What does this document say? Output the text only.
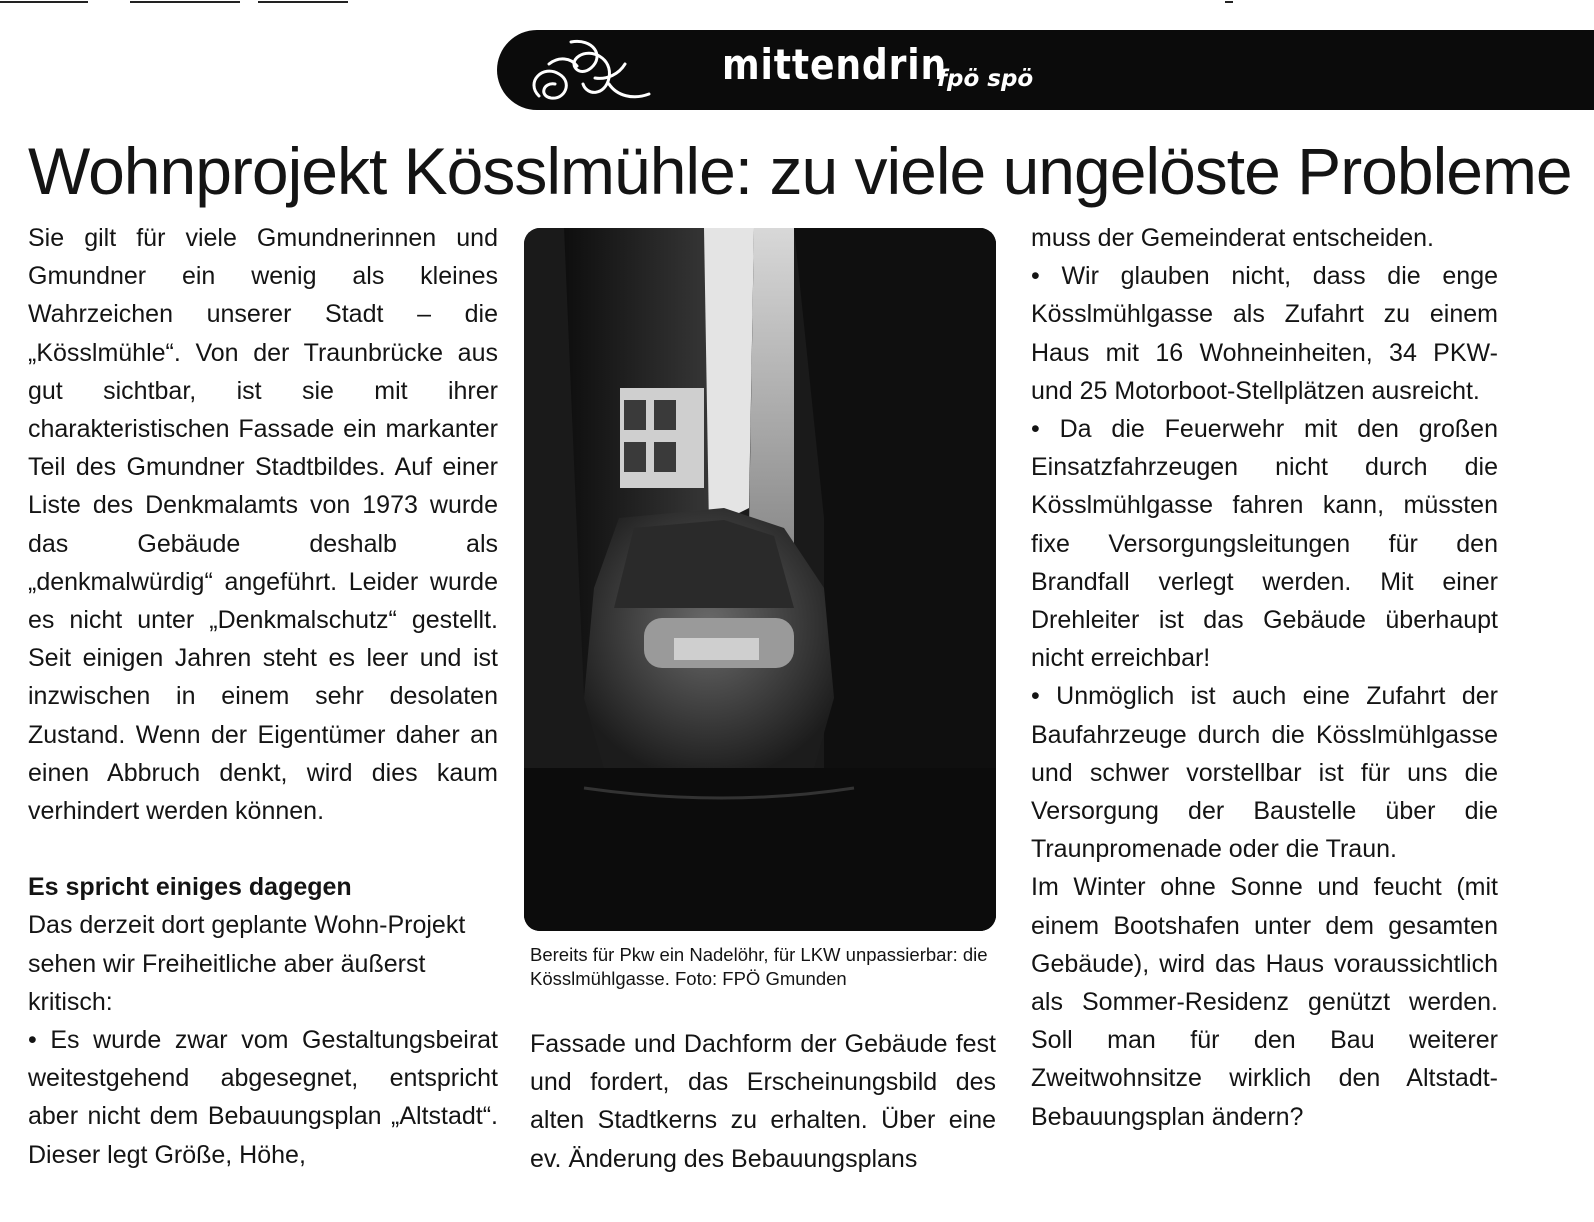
mittendrin
fpö spö
Wohnprojekt Kösslmühle: zu viele ungelöste Probleme

Sie gilt für viele Gmundnerinnen und Gmundner ein wenig als kleines Wahrzeichen unserer Stadt – die „Kösslmühle“. Von der Traunbrücke aus gut sichtbar, ist sie mit ihrer charakteristischen Fassade ein markanter Teil des Gmundner Stadtbildes. Auf einer Liste des Denkmalamts von 1973 wurde das Gebäude deshalb als „denkmalwürdig“ angeführt. Leider wurde es nicht unter „Denkmalschutz“ gestellt. Seit einigen Jahren steht es leer und ist inzwischen in einem sehr desolaten Zustand. Wenn der Eigentümer daher an einen Abbruch denkt, wird dies kaum verhindert werden können.

Es spricht einiges dagegen

Das derzeit dort geplante Wohn-Projekt sehen wir Freiheitliche aber äußerst kritisch:

• Es wurde zwar vom Gestaltungsbeirat weitestgehend abgesegnet, entspricht aber nicht dem Bebauungsplan „Altstadt“. Dieser legt Größe, Höhe,

Bereits für Pkw ein Nadelöhr, für LKW unpassierbar: die Kösslmühlgasse. Foto: FPÖ Gmunden

Fassade und Dachform der Gebäude fest und fordert, das Erscheinungsbild des alten Stadtkerns zu erhalten. Über eine ev. Änderung des Bebauungsplans

muss der Gemeinderat entscheiden.

• Wir glauben nicht, dass die enge Kösslmühlgasse als Zufahrt zu einem Haus mit 16 Wohneinheiten, 34 PKW- und 25 Motorboot-Stellplätzen ausreicht.

• Da die Feuerwehr mit den großen Einsatzfahrzeugen nicht durch die Kösslmühlgasse fahren kann, müssten fixe Versorgungsleitungen für den Brandfall verlegt werden. Mit einer Drehleiter ist das Gebäude überhaupt nicht erreichbar!

• Unmöglich ist auch eine Zufahrt der Baufahrzeuge durch die Kösslmühlgasse und schwer vorstellbar ist für uns die Versorgung der Baustelle über die Traunpromenade oder die Traun.

Im Winter ohne Sonne und feucht (mit einem Bootshafen unter dem gesamten Gebäude), wird das Haus voraussichtlich als Sommer-Residenz genützt werden. Soll man für den Bau weiterer Zweitwohnsitze wirklich den Altstadt-Bebauungsplan ändern?
